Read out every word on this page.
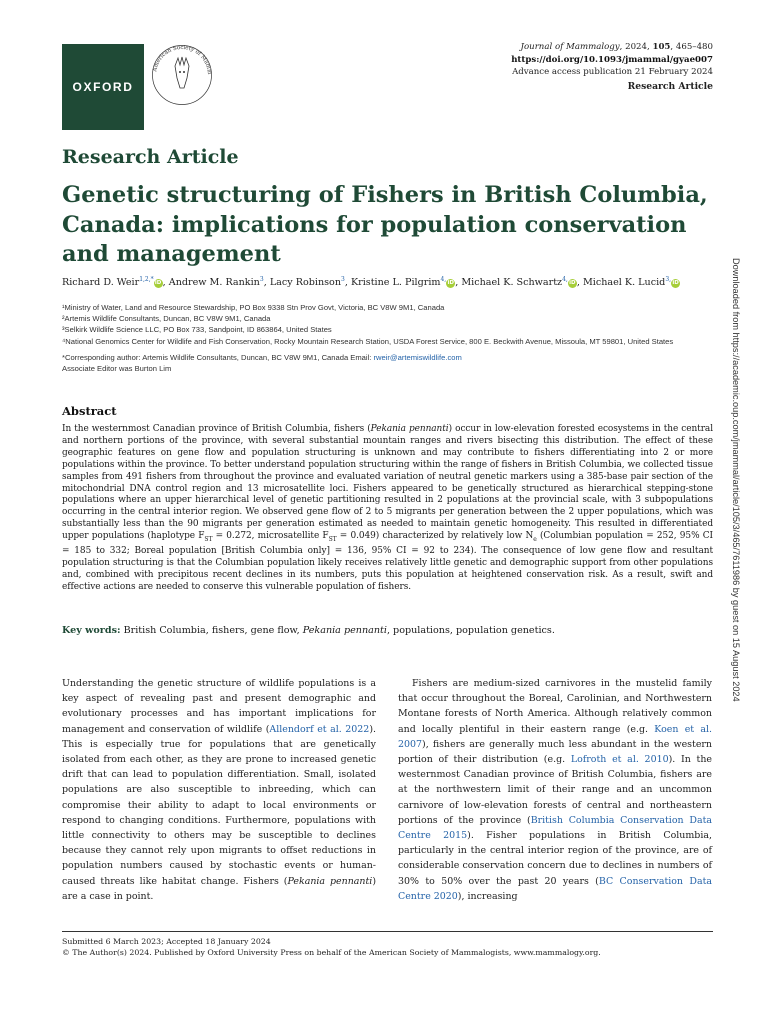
OXFORD
American Society of Mamm
Journal of Mammalogy, 2024, 105, 465–480
https://doi.org/10.1093/jmammal/gyae007
Advance access publication 21 February 2024
Research Article
Research Article
Genetic structuring of Fishers in British Columbia, Canada: implications for population conservation and management
Richard D. Weir$^{1,2,*}$iD, Andrew M. Rankin$^3$, Lacy Robinson$^3$, Kristine L. Pilgrim$^{4,}$iD, Michael K. Schwartz$^{4,}$iD, Michael K. Lucid$^{3,}$iD

¹Ministry of Water, Land and Resource Stewardship, PO Box 9338 Stn Prov Govt, Victoria, BC V8W 9M1, Canada

²Artemis Wildlife Consultants, Duncan, BC V8W 9M1, Canada

³Selkirk Wildlife Science LLC, PO Box 733, Sandpoint, ID 863864, United States

⁴National Genomics Center for Wildlife and Fish Conservation, Rocky Mountain Research Station, USDA Forest Service, 800 E. Beckwith Avenue, Missoula, MT 59801, United States

*Corresponding author: Artemis Wildlife Consultants, Duncan, BC V8W 9M1, Canada Email: rweir@artemiswildlife.com

Associate Editor was Burton Lim

Abstract

In the westernmost Canadian province of British Columbia, fishers (Pekania pennanti) occur in low-elevation forested ecosystems in the central and northern portions of the province, with several substantial mountain ranges and rivers bisecting this distribution. The effect of these geographic features on gene flow and population structuring is unknown and may contribute to fishers differentiating into 2 or more populations within the province. To better understand population structuring within the range of fishers in British Columbia, we collected tissue samples from 491 fishers from throughout the province and evaluated variation of neutral genetic markers using a 385-base pair section of the mitochondrial DNA control region and 13 microsatellite loci. Fishers appeared to be genetically structured as hierarchical stepping-stone populations where an upper hierarchical level of genetic partitioning resulted in 2 populations at the provincial scale, with 3 subpopulations occurring in the central interior region. We observed gene flow of 2 to 5 migrants per generation between the 2 upper populations, which was substantially less than the 90 migrants per generation estimated as needed to maintain genetic homogeneity. This resulted in differentiated upper populations (haplotype $F_{ST} = 0.272$, microsatellite $F_{ST} = 0.049$) characterized by relatively low $N_e$ (Columbian population = 252, 95% CI = 185 to 332; Boreal population [British Columbia only] = 136, 95% CI = 92 to 234). The consequence of low gene flow and resultant population structuring is that the Columbian population likely receives relatively little genetic and demographic support from other populations and, combined with precipitous recent declines in its numbers, puts this population at heightened conservation risk. As a result, swift and effective actions are needed to conserve this vulnerable population of fishers.

Key words: British Columbia, fishers, gene flow, Pekania pennanti, populations, population genetics.

Understanding the genetic structure of wildlife populations is a key aspect of revealing past and present demographic and evolutionary processes and has important implications for management and conservation of wildlife (Allendorf et al. 2022). This is especially true for populations that are genetically isolated from each other, as they are prone to increased genetic drift that can lead to population differentiation. Small, isolated populations are also susceptible to inbreeding, which can compromise their ability to adapt to local environments or respond to changing conditions. Furthermore, populations with little connectivity to others may be susceptible to declines because they cannot rely upon migrants to offset reductions in population numbers caused by stochastic events or human-caused threats like habitat change. Fishers (Pekania pennanti) are a case in point.

Fishers are medium-sized carnivores in the mustelid family that occur throughout the Boreal, Carolinian, and Northwestern Montane forests of North America. Although relatively common and locally plentiful in their eastern range (e.g. Koen et al. 2007), fishers are generally much less abundant in the western portion of their distribution (e.g. Lofroth et al. 2010). In the westernmost Canadian province of British Columbia, fishers are at the northwestern limit of their range and an uncommon carnivore of low-elevation forests of central and northeastern portions of the province (British Columbia Conservation Data Centre 2015). Fisher populations in British Columbia, particularly in the central interior region of the province, are of considerable conservation concern due to declines in numbers of 30% to 50% over the past 20 years (BC Conservation Data Centre 2020), increasing

Submitted 6 March 2023; Accepted 18 January 2024
© The Author(s) 2024. Published by Oxford University Press on behalf of the American Society of Mammalogists, www.mammalogy.org.
Downloaded from https://academic.oup.com/jmammal/article/105/3/465/7611986 by guest on 15 August 2024
